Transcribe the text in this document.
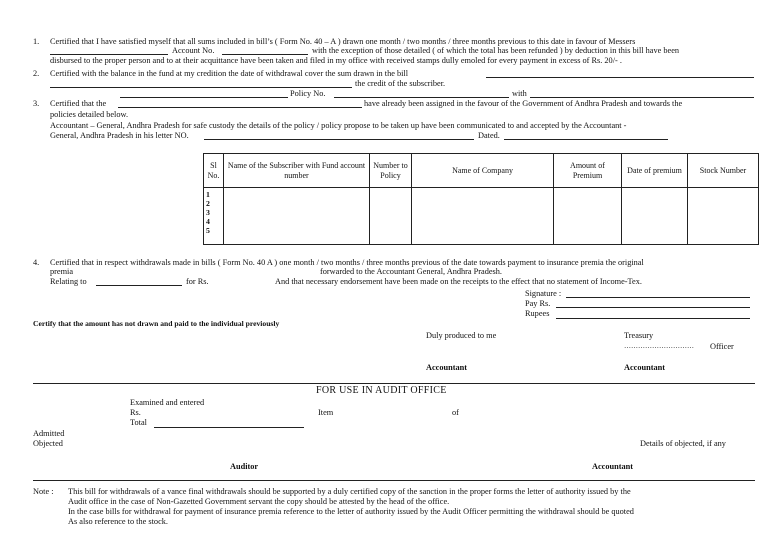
1. Certified that I have satisfied myself that all sums included in bill’s ( Form No. 40 – A ) drawn one month / two months / three months previous to this date in favour of Messers
Account No.	with the exception of those detailed ( of which the total has been refunded ) by deduction in this bill have been
disbursed to the proper person and to at their acquittance have been taken and filed in my office with received stamps dully emoled for every payment in excess of Rs. 20/- .
2. Certified with the balance in the fund at my credition the date of withdrawal cover the sum drawn in the bill
the credit of the subscriber.
Policy No.	with
3. Certified that the	have already been assigned in the favour of the Government of Andhra Pradesh and towards the
policies detailed below.
Accountant – General, Andhra Pradesh for safe custody the details of the policy / policy propose to be taken up have been communicated to and accepted by the Accountant -
General, Andhra Pradesh in his letter NO.	Dated.
Sl No.	Name of the Subscriber with Fund account number	Number to Policy	Name of Company	Amount of Premium	Date of premium	Stock Number

1
2
3
4
5						

4. Certified that in respect withdrawals made in bills ( Form No. 40 A ) one month / two months / three months previous of the date towards payment to insurance premia the original
premia	forwarded to the Accountant General, Andhra Pradesh.
Relating to	for Rs.	And that necessary endorsement have been made on the receipts to the effect that no statement of Income-Tex.
Signature :
Pay Rs.
Rupees
Certify that the amount has not drawn and paid to the individual previously
Duly produced to me	Treasury
………………………… Officer
Accountant	Accountant
FOR USE IN AUDIT OFFICE
Examined and entered
Rs.	Item	of
Total
Admitted
Objected	Details of objected, if any
Auditor	Accountant
Note : This bill for withdrawals of a vance final withdrawals should be supported by a duly certified copy of the sanction in the proper forms the letter of authority issued by the
Audit office in the case of Non-Gazetted Government servant the copy should be attested by the head of the office.
In the case bills for withdrawal for payment of insurance premia reference to the letter of authority issued by the Audit Officer permitting the withdrawal should be quoted
As also reference to the stock.
